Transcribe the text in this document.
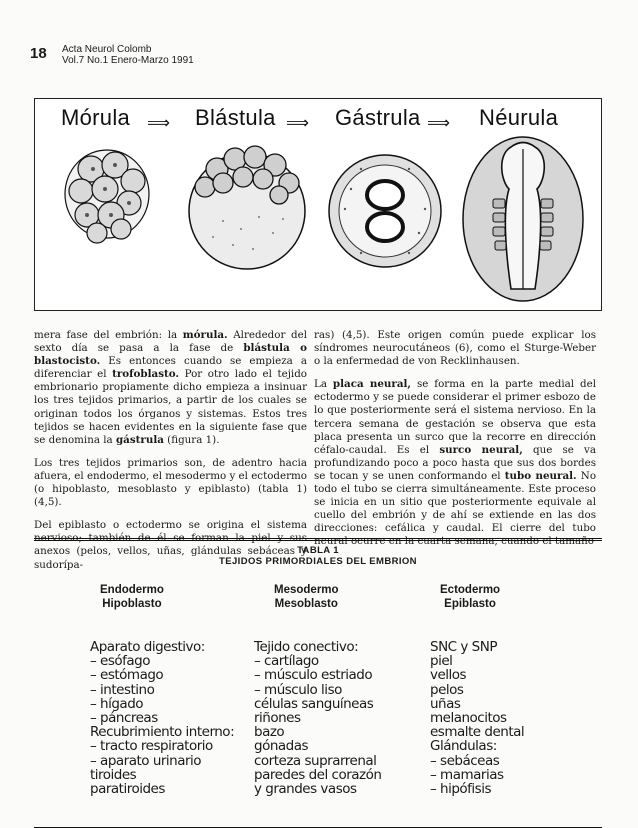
18 Acta Neurol Colomb
Vol.7 No.1 Enero-Marzo 1991
Mórula ⟹ Blástula ⟹ Gástrula ⟹ Néurula

mera fase del embrión: la mórula. Alrededor del sexto día se pasa a la fase de blástula o blastocisto. Es entonces cuando se empieza a diferenciar el trofoblasto. Por otro lado el tejido embrionario propiamente dicho empieza a insinuar los tres tejidos primarios, a partir de los cuales se originan todos los órganos y sistemas. Estos tres tejidos se hacen evidentes en la siguiente fase que se denomina la gástrula (figura 1).

Los tres tejidos primarios son, de adentro hacia afuera, el endodermo, el mesodermo y el ectodermo (o hipoblasto, mesoblasto y epiblasto) (tabla 1) (4,5).

Del epiblasto o ectodermo se origina el sistema nervioso; también de él se forman la piel y sus anexos (pelos, vellos, uñas, glándulas sebáceas y sudorípa-

ras) (4,5). Este origen común puede explicar los síndromes neurocutáneos (6), como el Sturge-Weber o la enfermedad de von Recklinhausen.

La placa neural, se forma en la parte medial del ectodermo y se puede considerar el primer esbozo de lo que posteriormente será el sistema nervioso. En la tercera semana de gestación se observa que esta placa presenta un surco que la recorre en dirección céfalo-caudal. Es el surco neural, que se va profundizando poco a poco hasta que sus dos bordes se tocan y se unen conformando el tubo neural. No todo el tubo se cierra simultáneamente. Este proceso se inicia en un sitio que posteriormente equivale al cuello del embrión y de ahí se extiende en las dos direcciones: cefálica y caudal. El cierre del tubo neural ocurre en la cuarta semana, cuando el tamaño

TABLA 1
TEJIDOS PRIMORDIALES DEL EMBRION
Endodermo
Hipoblasto
Mesodermo
Mesoblasto
Ectodermo
Epiblasto
Aparato digestivo:
– esófago
– estómago
– intestino
– hígado
– páncreas
Recubrimiento interno:
– tracto respiratorio
– aparato urinario
tiroides
paratiroides
Tejido conectivo:
– cartílago
– músculo estriado
– músculo liso
células sanguíneas
riñones
bazo
gónadas
corteza suprarrenal
paredes del corazón
y grandes vasos
SNC y SNP
piel
vellos
pelos
uñas
melanocitos
esmalte dental
Glándulas:
– sebáceas
– mamarias
– hipófisis
